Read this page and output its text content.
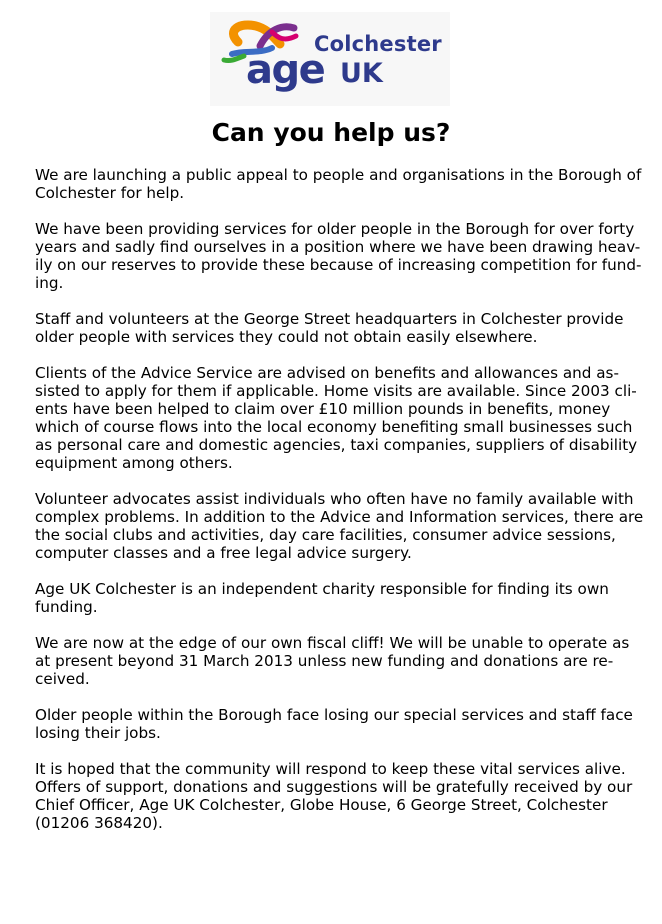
Colchester
age UK
Can you help us?

We are launching a public appeal to people and organisations in the Borough of
Colchester for help.

We have been providing services for older people in the Borough for over forty
years and sadly find ourselves in a position where we have been drawing heav-
ily on our reserves to provide these because of increasing competition for fund-
ing.

Staff and volunteers at the George Street headquarters in Colchester provide
older people with services they could not obtain easily elsewhere.

Clients of the Advice Service are advised on benefits and allowances and as-
sisted to apply for them if applicable. Home visits are available. Since 2003 cli-
ents have been helped to claim over £10 million pounds in benefits, money
which of course flows into the local economy benefiting small businesses such
as personal care and domestic agencies, taxi companies, suppliers of disability
equipment among others.

Volunteer advocates assist individuals who often have no family available with
complex problems. In addition to the Advice and Information services, there are
the social clubs and activities, day care facilities, consumer advice sessions,
computer classes and a free legal advice surgery.

Age UK Colchester is an independent charity responsible for finding its own
funding.

We are now at the edge of our own fiscal cliff! We will be unable to operate as
at present beyond 31 March 2013 unless new funding and donations are re-
ceived.

Older people within the Borough face losing our special services and staff face
losing their jobs.

It is hoped that the community will respond to keep these vital services alive.
Offers of support, donations and suggestions will be gratefully received by our
Chief Officer, Age UK Colchester, Globe House, 6 George Street, Colchester
(01206 368420).
